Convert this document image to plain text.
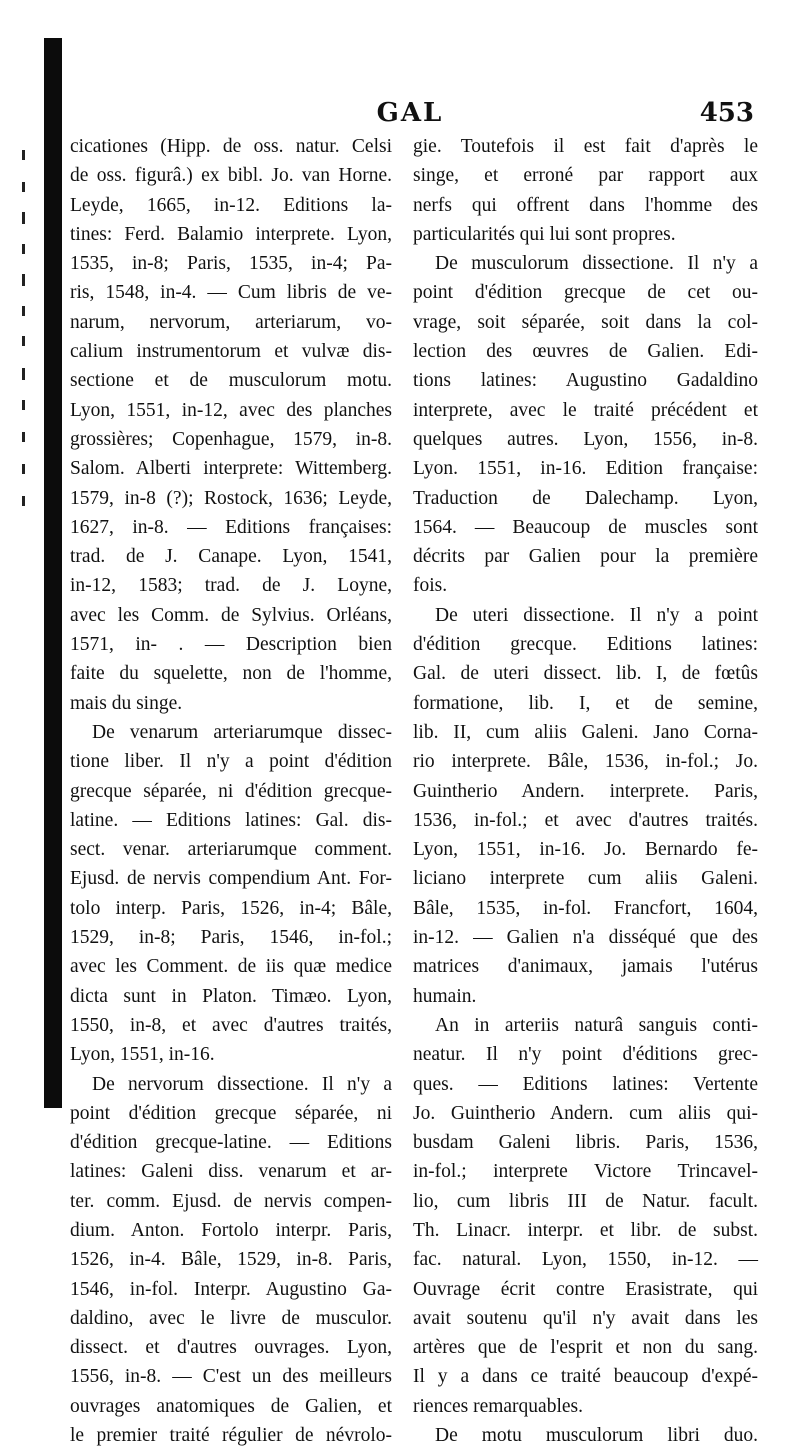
GAL	453
cicationes (Hipp. de oss. natur. Celsi
de oss. figurâ.) ex bibl. Jo. van Horne.
Leyde, 1665, in-12. Editions la-
tines: Ferd. Balamio interprete. Lyon,
1535, in-8; Paris, 1535, in-4; Pa-
ris, 1548, in-4. — Cum libris de ve-
narum, nervorum, arteriarum, vo-
calium instrumentorum et vulvæ dis-
sectione et de musculorum motu.
Lyon, 1551, in-12, avec des planches
grossières; Copenhague, 1579, in-8.
Salom. Alberti interprete: Wittemberg.
1579, in-8 (?); Rostock, 1636; Leyde,
1627, in-8. — Editions françaises:
trad. de J. Canape. Lyon, 1541,
in-12, 1583; trad. de J. Loyne,
avec les Comm. de Sylvius. Orléans,
1571, in- . — Description bien
faite du squelette, non de l'homme,
mais du singe.
De venarum arteriarumque dissec-
tione liber. Il n'y a point d'édition
grecque séparée, ni d'édition grecque-
latine. — Editions latines: Gal. dis-
sect. venar. arteriarumque comment.
Ejusd. de nervis compendium Ant. For-
tolo interp. Paris, 1526, in-4; Bâle,
1529, in-8; Paris, 1546, in-fol.;
avec les Comment. de iis quæ medice
dicta sunt in Platon. Timæo. Lyon,
1550, in-8, et avec d'autres traités,
Lyon, 1551, in-16.
De nervorum dissectione. Il n'y a
point d'édition grecque séparée, ni
d'édition grecque-latine. — Editions
latines: Galeni diss. venarum et ar-
ter. comm. Ejusd. de nervis compen-
dium. Anton. Fortolo interpr. Paris,
1526, in-4. Bâle, 1529, in-8. Paris,
1546, in-fol. Interpr. Augustino Ga-
daldino, avec le livre de musculor.
dissect. et d'autres ouvrages. Lyon,
1556, in-8. — C'est un des meilleurs
ouvrages anatomiques de Galien, et
le premier traité régulier de névrolo-
gie. Toutefois il est fait d'après le
singe, et erroné par rapport aux
nerfs qui offrent dans l'homme des
particularités qui lui sont propres.
De musculorum dissectione. Il n'y a
point d'édition grecque de cet ou-
vrage, soit séparée, soit dans la col-
lection des œuvres de Galien. Edi-
tions latines: Augustino Gadaldino
interprete, avec le traité précédent et
quelques autres. Lyon, 1556, in-8.
Lyon. 1551, in-16. Edition française:
Traduction de Dalechamp. Lyon,
1564. — Beaucoup de muscles sont
décrits par Galien pour la première
fois.
De uteri dissectione. Il n'y a point
d'édition grecque. Editions latines:
Gal. de uteri dissect. lib. I, de fœtûs
formatione, lib. I, et de semine,
lib. II, cum aliis Galeni. Jano Corna-
rio interprete. Bâle, 1536, in-fol.; Jo.
Guintherio Andern. interprete. Paris,
1536, in-fol.; et avec d'autres traités.
Lyon, 1551, in-16. Jo. Bernardo fe-
liciano interprete cum aliis Galeni.
Bâle, 1535, in-fol. Francfort, 1604,
in-12. — Galien n'a disséqué que des
matrices d'animaux, jamais l'utérus
humain.
An in arteriis naturâ sanguis conti-
neatur. Il n'y point d'éditions grec-
ques. — Editions latines: Vertente
Jo. Guintherio Andern. cum aliis qui-
busdam Galeni libris. Paris, 1536,
in-fol.; interprete Victore Trincavel-
lio, cum libris III de Natur. facult.
Th. Linacr. interpr. et libr. de subst.
fac. natural. Lyon, 1550, in-12. —
Ouvrage écrit contre Erasistrate, qui
avait soutenu qu'il n'y avait dans les
artères que de l'esprit et non du sang.
Il y a dans ce traité beaucoup d'expé-
riences remarquables.
De motu musculorum libri duo.
